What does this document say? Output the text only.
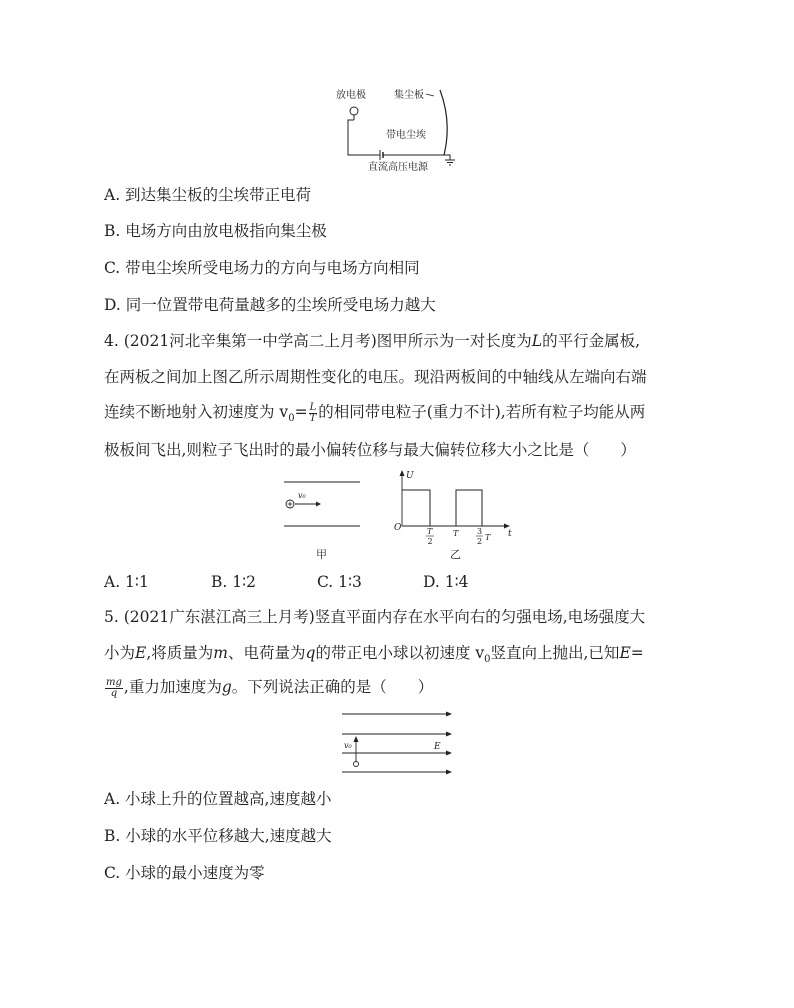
放电极	集尘板
带电尘埃
直流高压电源
A. 到达集尘板的尘埃带正电荷
B. 电场方向由放电极指向集尘极
C. 带电尘埃所受电场力的方向与电场方向相同
D. 同一位置带电荷量越多的尘埃所受电场力越大
4. (2021河北辛集第一中学高二上月考)图甲所示为一对长度为L的平行金属板,
在两板之间加上图乙所示周期性变化的电压。现沿两板间的中轴线从左端向右端
连续不断地射入初速度为 $v_0= \frac{L}{T}$ 的相同带电粒子(重力不计),若所有粒子均能从两
极板间飞出,则粒子飞出时的最小偏转位移与最大偏转位移大小之比是（　　）
v₀
甲
U
t
O	T
2
T 3
2 T
乙
A. 1∶1	B. 1∶2	C. 1∶3	D. 1∶4
5. (2021广东湛江高三上月考)竖直平面内存在水平向右的匀强电场,电场强度大
小为E,将质量为m、电荷量为q的带正电小球以初速度 $v_0$竖直向上抛出,已知E=
$\frac{mg}{q}$ ,重力加速度为g。下列说法正确的是（　　）
v₀	E
A. 小球上升的位置越高,速度越小
B. 小球的水平位移越大,速度越大
C. 小球的最小速度为零
